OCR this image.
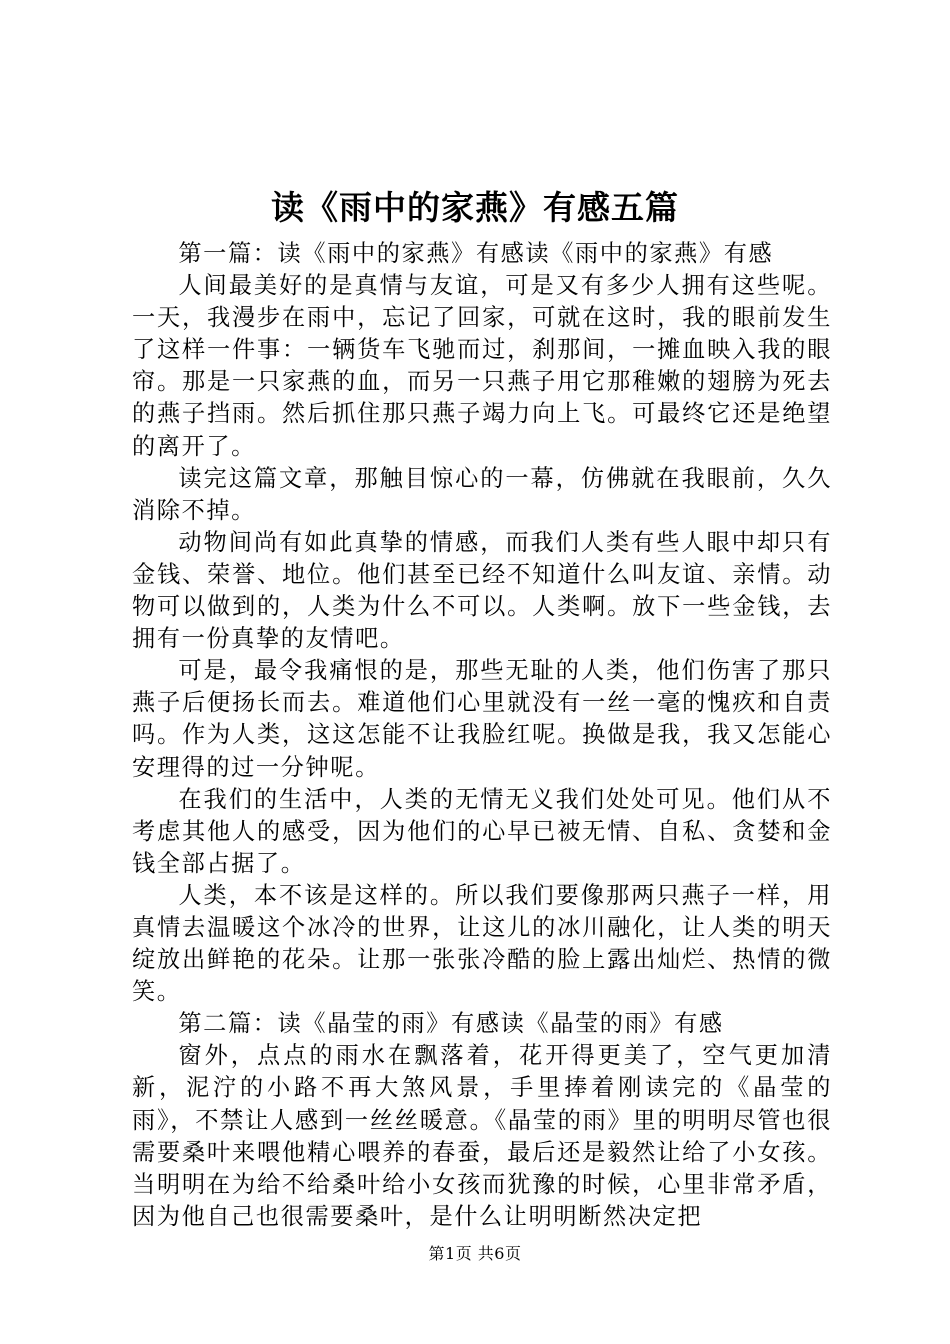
读《雨中的家燕》有感五篇

第一篇：读《雨中的家燕》有感读《雨中的家燕》有感

人间最美好的是真情与友谊，可是又有多少人拥有这些呢。一天，我漫步在雨中，忘记了回家，可就在这时，我的眼前发生了这样一件事：一辆货车飞驰而过，刹那间，一摊血映入我的眼帘。那是一只家燕的血，而另一只燕子用它那稚嫩的翅膀为死去的燕子挡雨。然后抓住那只燕子竭力向上飞。可最终它还是绝望的离开了。

读完这篇文章，那触目惊心的一幕，仿佛就在我眼前，久久消除不掉。

动物间尚有如此真挚的情感，而我们人类有些人眼中却只有金钱、荣誉、地位。他们甚至已经不知道什么叫友谊、亲情。动物可以做到的，人类为什么不可以。人类啊。放下一些金钱，去拥有一份真挚的友情吧。

可是，最令我痛恨的是，那些无耻的人类，他们伤害了那只燕子后便扬长而去。难道他们心里就没有一丝一毫的愧疚和自责吗。作为人类，这这怎能不让我脸红呢。换做是我，我又怎能心安理得的过一分钟呢。

在我们的生活中，人类的无情无义我们处处可见。他们从不考虑其他人的感受，因为他们的心早已被无情、自私、贪婪和金钱全部占据了。

人类，本不该是这样的。所以我们要像那两只燕子一样，用真情去温暖这个冰冷的世界，让这儿的冰川融化，让人类的明天绽放出鲜艳的花朵。让那一张张冷酷的脸上露出灿烂、热情的微笑。

第二篇：读《晶莹的雨》有感读《晶莹的雨》有感

窗外，点点的雨水在飘落着，花开得更美了，空气更加清新，泥泞的小路不再大煞风景，手里捧着刚读完的《晶莹的雨》，不禁让人感到一丝丝暖意。《晶莹的雨》里的明明尽管也很需要桑叶来喂他精心喂养的春蚕，最后还是毅然让给了小女孩。当明明在为给不给桑叶给小女孩而犹豫的时候，心里非常矛盾，因为他自己也很需要桑叶，是什么让明明断然决定把

第1页 共6页
